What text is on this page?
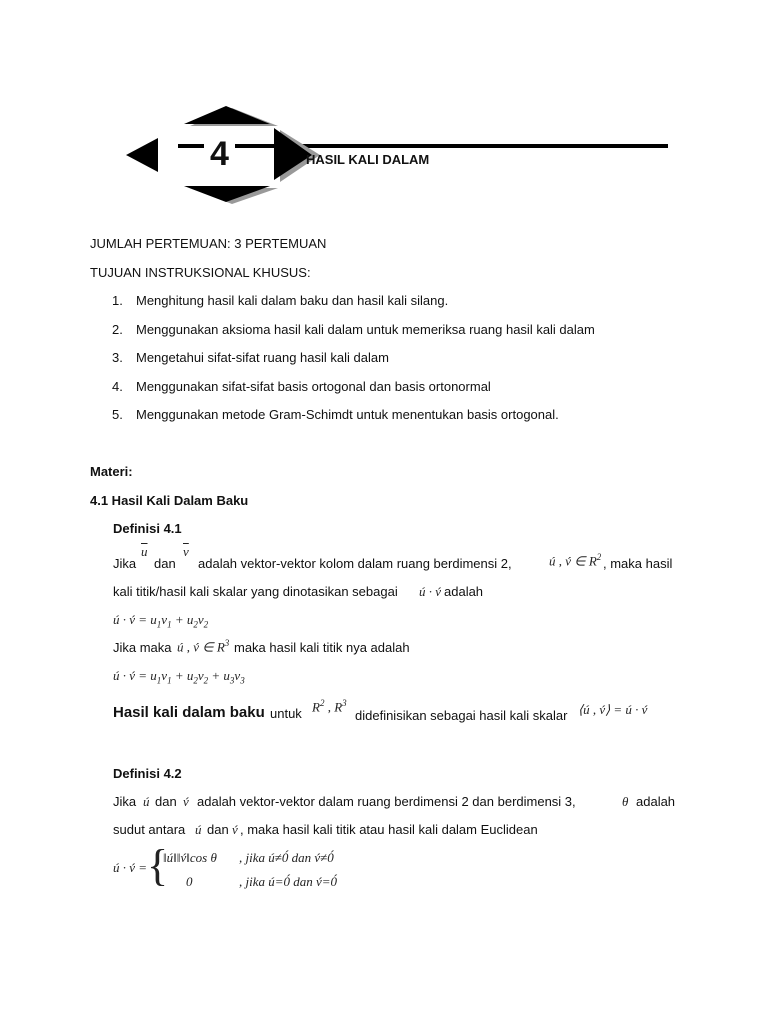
4	HASIL KALI DALAM
JUMLAH PERTEMUAN: 3 PERTEMUAN
TUJUAN INSTRUKSIONAL KHUSUS:
1.	Menghitung hasil kali dalam baku dan hasil kali silang.
2.	Menggunakan aksioma hasil kali dalam untuk memeriksa ruang hasil kali dalam
3.	Mengetahui sifat-sifat ruang hasil kali dalam
4.	Menggunakan sifat-sifat basis ortogonal dan basis ortonormal
5.	Menggunakan metode Gram-Schimdt untuk menentukan basis ortogonal.
Materi:
4.1 Hasil Kali Dalam Baku
Definisi 4.1
Jika
$\overline{u}$
dan
$\overline{v}$
adalah vektor-vektor kolom dalam ruang berdimensi 2,	ú , v́ ∈ $R^2$ , maka hasil
kali titik/hasil kali skalar yang dinotasikan sebagai ú · v́ adalah
ú · v́ = $u_1v_1 + u_2v_2$
Jika maka ú , v́ ∈ $R^3$ maka hasil kali titik nya adalah
ú · v́ = $u_1v_1 + u_2v_2 + u_3v_3$
Hasil kali dalam baku untuk $R^2$ , $R^3$
didefinisikan sebagai hasil kali skalar ⟨ú , v́⟩ = ú · v́
Definisi 4.2
Jika ú dan v́ adalah vektor-vektor dalam ruang berdimensi 2 dan berdimensi 3,	θ adalah
sudut antara ú dan v́ , maka hasil kali titik atau hasil kali dalam Euclidean
ú · v́ = {
‖ú‖‖v́‖cos θ , jika ú≠0́ dan v́≠0́
0	, jika ú=0́ dan v́=0́
